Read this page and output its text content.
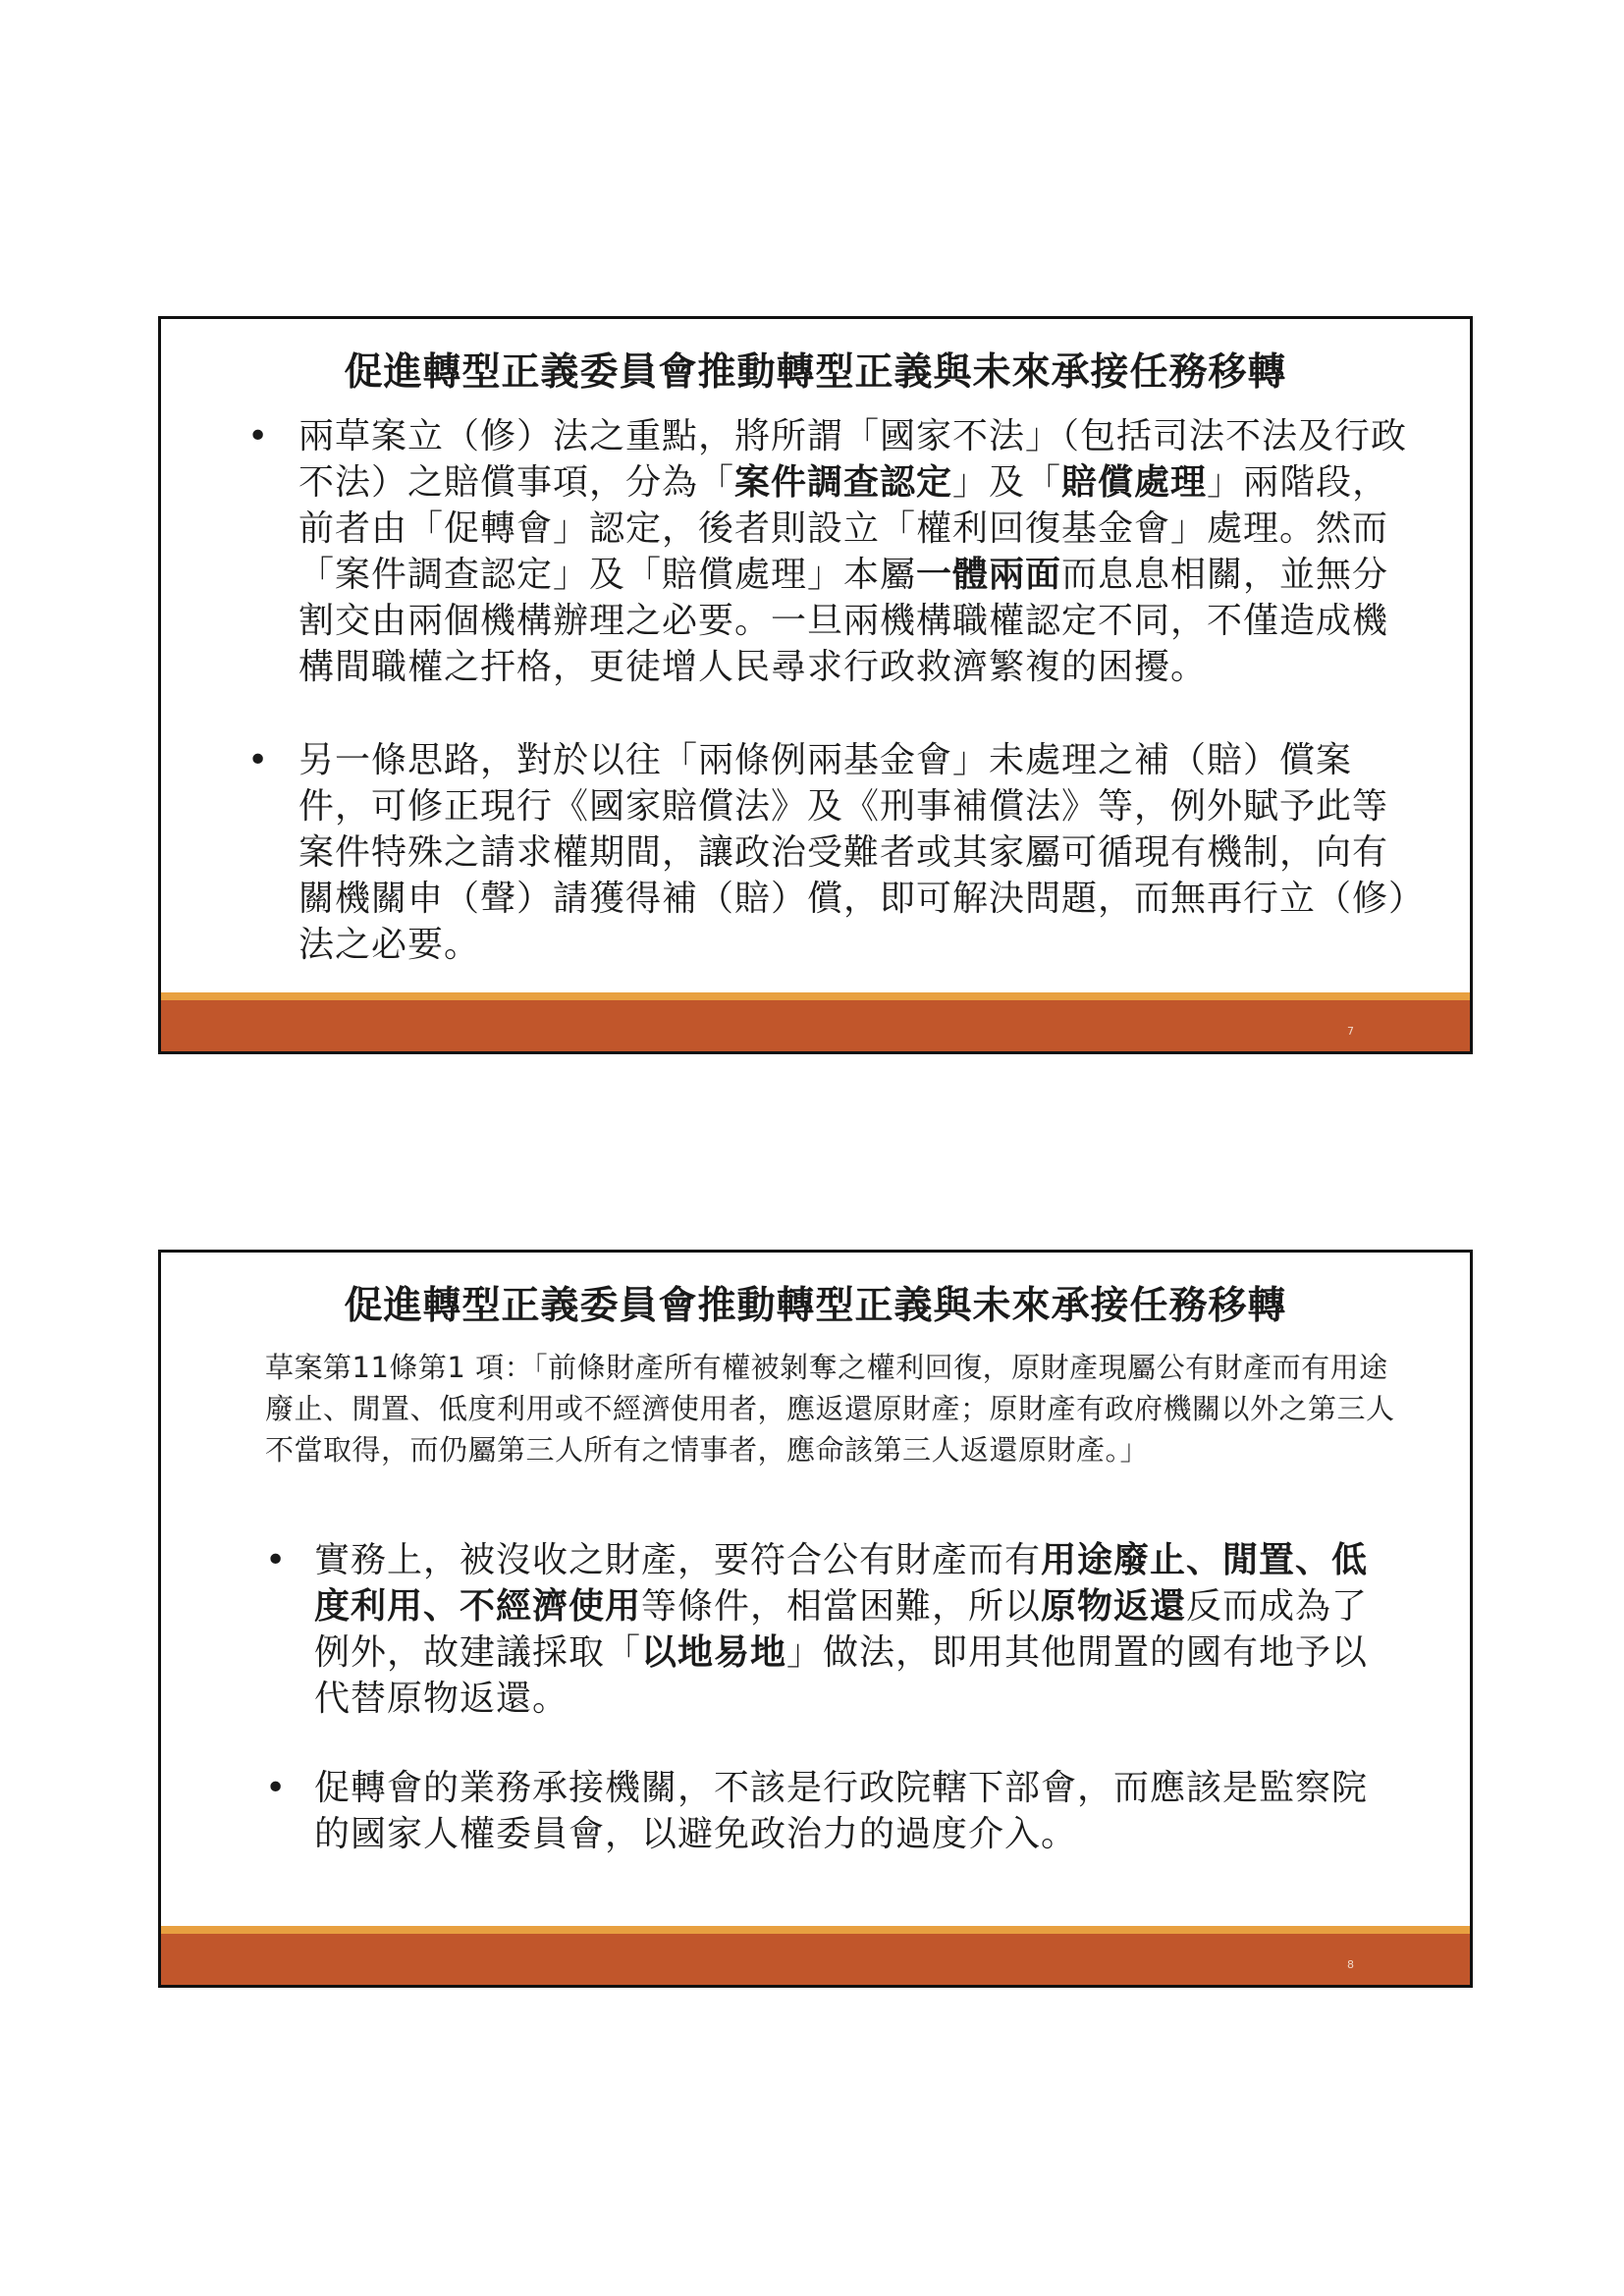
促進轉型正義委員會推動轉型正義與未來承接任務移轉
• 兩草案立（修）法之重點，將所謂「國家不法」（包括司法不法及行政不法）之賠償事項，分為「案件調查認定」及「賠償處理」兩階段，前者由「促轉會」認定，後者則設立「權利回復基金會」處理。然而「案件調查認定」及「賠償處理」本屬一體兩面而息息相關，並無分割交由兩個機構辦理之必要。一旦兩機構職權認定不同，不僅造成機構間職權之扞格，更徒增人民尋求行政救濟繁複的困擾。
• 另一條思路，對於以往「兩條例兩基金會」未處理之補（賠）償案件，可修正現行《國家賠償法》及《刑事補償法》等，例外賦予此等案件特殊之請求權期間，讓政治受難者或其家屬可循現有機制，向有關機關申（聲）請獲得補（賠）償，即可解決問題，而無再行立（修）法之必要。
7
促進轉型正義委員會推動轉型正義與未來承接任務移轉

草案第11條第1 項：「前條財產所有權被剝奪之權利回復，原財產現屬公有財產而有用途廢止、閒置、低度利用或不經濟使用者，應返還原財產；原財產有政府機關以外之第三人不當取得，而仍屬第三人所有之情事者，應命該第三人返還原財產。」

• 實務上，被沒收之財產，要符合公有財產而有用途廢止、閒置、低度利用、不經濟使用等條件，相當困難，所以原物返還反而成為了例外，故建議採取「以地易地」做法，即用其他閒置的國有地予以代替原物返還。
• 促轉會的業務承接機關，不該是行政院轄下部會，而應該是監察院 的國家人權委員會，以避免政治力的過度介入。
8
